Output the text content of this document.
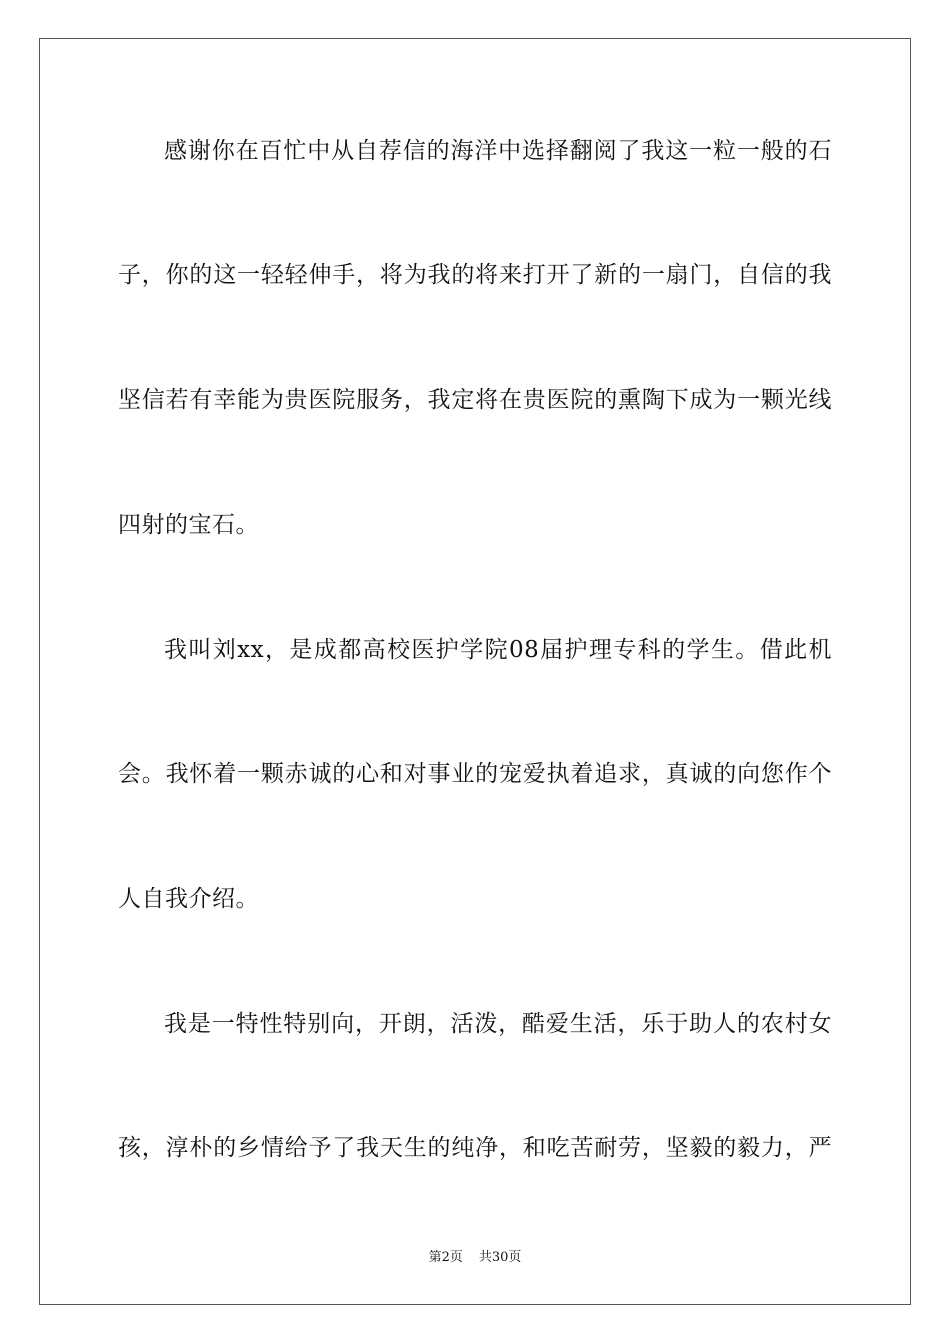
感谢你在百忙中从自荐信的海洋中选择翻阅了我这一粒一般的石
子，你的这一轻轻伸手，将为我的将来打开了新的一扇门，自信的我
坚信若有幸能为贵医院服务，我定将在贵医院的熏陶下成为一颗光线
四射的宝石。
我叫刘xx，是成都高校医护学院08届护理专科的学生。借此机
会。我怀着一颗赤诚的心和对事业的宠爱执着追求，真诚的向您作个
人自我介绍。
我是一特性特别向，开朗，活泼，酷爱生活，乐于助人的农村女
孩，淳朴的乡情给予了我天生的纯净，和吃苦耐劳，坚毅的毅力，严
第2页 共30页
